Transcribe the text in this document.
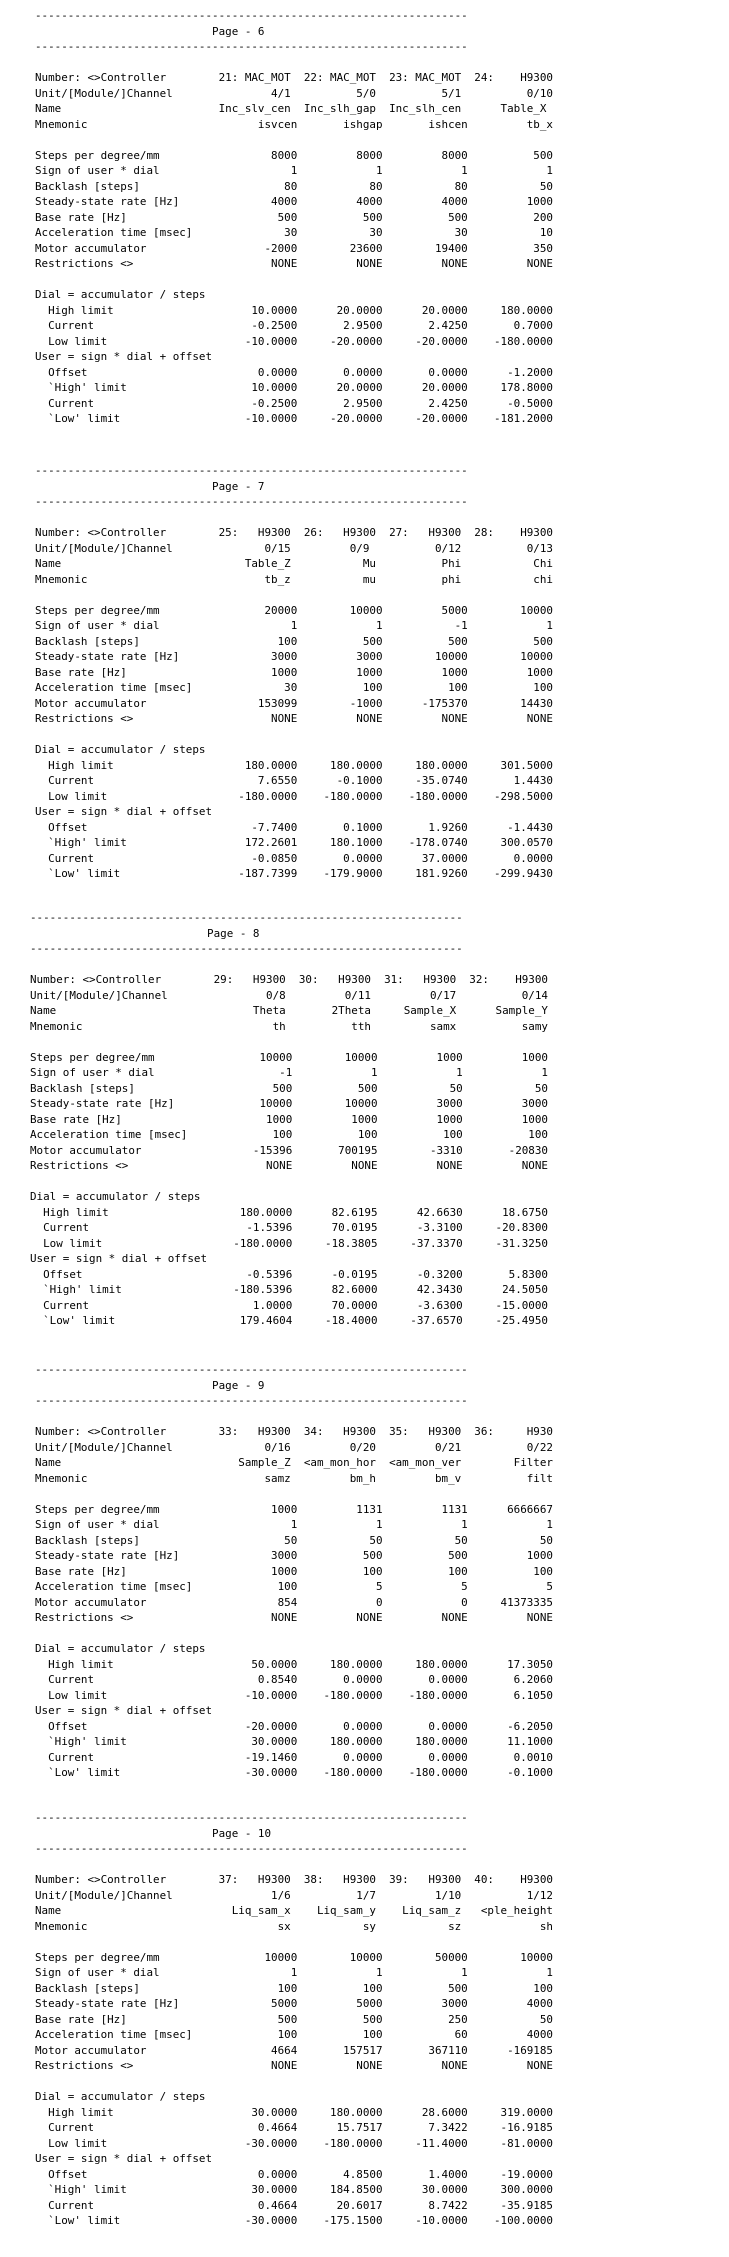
------------------------------------------------------------------
Page - 6
------------------------------------------------------------------

Number: <>Controller        21: MAC_MOT  22: MAC_MOT  23: MAC_MOT  24:    H9300
Unit/[Module/]Channel               4/1          5/0          5/1          0/10
Name                        Inc_slv_cen  Inc_slh_gap  Inc_slh_cen      Table_X
Mnemonic                          isvcen       ishgap       ishcen         tb_x

Steps per degree/mm                 8000         8000         8000          500
Sign of user * dial                    1            1            1            1
Backlash [steps]                      80           80           80           50
Steady-state rate [Hz]              4000         4000         4000         1000
Base rate [Hz]                       500          500          500          200
Acceleration time [msec]              30           30           30           10
Motor accumulator                  -2000        23600        19400          350
Restrictions <>                     NONE         NONE         NONE         NONE

Dial = accumulator / steps
High limit                     10.0000      20.0000      20.0000     180.0000
Current                        -0.2500       2.9500       2.4250       0.7000
Low limit                     -10.0000     -20.0000     -20.0000    -180.0000
User = sign * dial + offset
Offset                          0.0000       0.0000       0.0000      -1.2000
`High' limit                   10.0000      20.0000      20.0000     178.8000
Current                        -0.2500       2.9500       2.4250      -0.5000
`Low' limit                   -10.0000     -20.0000     -20.0000    -181.2000
------------------------------------------------------------------
Page - 7
------------------------------------------------------------------

Number: <>Controller        25:   H9300  26:   H9300  27:   H9300  28:    H9300
Unit/[Module/]Channel              0/15         0/9          0/12          0/13
Name                            Table_Z           Mu          Phi           Chi
Mnemonic                           tb_z           mu          phi           chi

Steps per degree/mm                20000        10000         5000        10000
Sign of user * dial                    1            1           -1            1
Backlash [steps]                     100          500          500          500
Steady-state rate [Hz]              3000         3000        10000        10000
Base rate [Hz]                      1000         1000         1000         1000
Acceleration time [msec]              30          100          100          100
Motor accumulator                 153099        -1000      -175370        14430
Restrictions <>                     NONE         NONE         NONE         NONE

Dial = accumulator / steps
High limit                    180.0000     180.0000     180.0000     301.5000
Current                         7.6550      -0.1000     -35.0740       1.4430
Low limit                    -180.0000    -180.0000    -180.0000    -298.5000
User = sign * dial + offset
Offset                         -7.7400       0.1000       1.9260      -1.4430
`High' limit                  172.2601     180.1000    -178.0740     300.0570
Current                        -0.0850       0.0000      37.0000       0.0000
`Low' limit                  -187.7399    -179.9000     181.9260    -299.9430
------------------------------------------------------------------
Page - 8
------------------------------------------------------------------

Number: <>Controller        29:   H9300  30:   H9300  31:   H9300  32:    H9300
Unit/[Module/]Channel               0/8         0/11         0/17          0/14
Name                              Theta       2Theta     Sample_X      Sample_Y
Mnemonic                             th          tth         samx          samy

Steps per degree/mm                10000        10000         1000         1000
Sign of user * dial                   -1            1            1            1
Backlash [steps]                     500          500           50           50
Steady-state rate [Hz]             10000        10000         3000         3000
Base rate [Hz]                      1000         1000         1000         1000
Acceleration time [msec]             100          100          100          100
Motor accumulator                 -15396       700195        -3310       -20830
Restrictions <>                     NONE         NONE         NONE         NONE

Dial = accumulator / steps
High limit                    180.0000      82.6195      42.6630      18.6750
Current                        -1.5396      70.0195      -3.3100     -20.8300
Low limit                    -180.0000     -18.3805     -37.3370     -31.3250
User = sign * dial + offset
Offset                         -0.5396      -0.0195      -0.3200       5.8300
`High' limit                 -180.5396      82.6000      42.3430      24.5050
Current                         1.0000      70.0000      -3.6300     -15.0000
`Low' limit                   179.4604     -18.4000     -37.6570     -25.4950
------------------------------------------------------------------
Page - 9
------------------------------------------------------------------

Number: <>Controller        33:   H9300  34:   H9300  35:   H9300  36:     H930
Unit/[Module/]Channel              0/16         0/20         0/21          0/22
Name                           Sample_Z  <am_mon_hor  <am_mon_ver        Filter
Mnemonic                           samz         bm_h         bm_v          filt

Steps per degree/mm                 1000         1131         1131      6666667
Sign of user * dial                    1            1            1            1
Backlash [steps]                      50           50           50           50
Steady-state rate [Hz]              3000          500          500         1000
Base rate [Hz]                      1000          100          100          100
Acceleration time [msec]             100            5            5            5
Motor accumulator                    854            0            0     41373335
Restrictions <>                     NONE         NONE         NONE         NONE

Dial = accumulator / steps
High limit                     50.0000     180.0000     180.0000      17.3050
Current                         0.8540       0.0000       0.0000       6.2060
Low limit                     -10.0000    -180.0000    -180.0000       6.1050
User = sign * dial + offset
Offset                        -20.0000       0.0000       0.0000      -6.2050
`High' limit                   30.0000     180.0000     180.0000      11.1000
Current                       -19.1460       0.0000       0.0000       0.0010
`Low' limit                   -30.0000    -180.0000    -180.0000      -0.1000
------------------------------------------------------------------
Page - 10
------------------------------------------------------------------

Number: <>Controller        37:   H9300  38:   H9300  39:   H9300  40:    H9300
Unit/[Module/]Channel               1/6          1/7         1/10          1/12
Name                          Liq_sam_x    Liq_sam_y    Liq_sam_z   <ple_height
Mnemonic                             sx           sy           sz            sh

Steps per degree/mm                10000        10000        50000        10000
Sign of user * dial                    1            1            1            1
Backlash [steps]                     100          100          500          100
Steady-state rate [Hz]              5000         5000         3000         4000
Base rate [Hz]                       500          500          250           50
Acceleration time [msec]             100          100           60         4000
Motor accumulator                   4664       157517       367110      -169185
Restrictions <>                     NONE         NONE         NONE         NONE

Dial = accumulator / steps
High limit                     30.0000     180.0000      28.6000     319.0000
Current                         0.4664      15.7517       7.3422     -16.9185
Low limit                     -30.0000    -180.0000     -11.4000     -81.0000
User = sign * dial + offset
Offset                          0.0000       4.8500       1.4000     -19.0000
`High' limit                   30.0000     184.8500      30.0000     300.0000
Current                         0.4664      20.6017       8.7422     -35.9185
`Low' limit                   -30.0000    -175.1500     -10.0000    -100.0000
